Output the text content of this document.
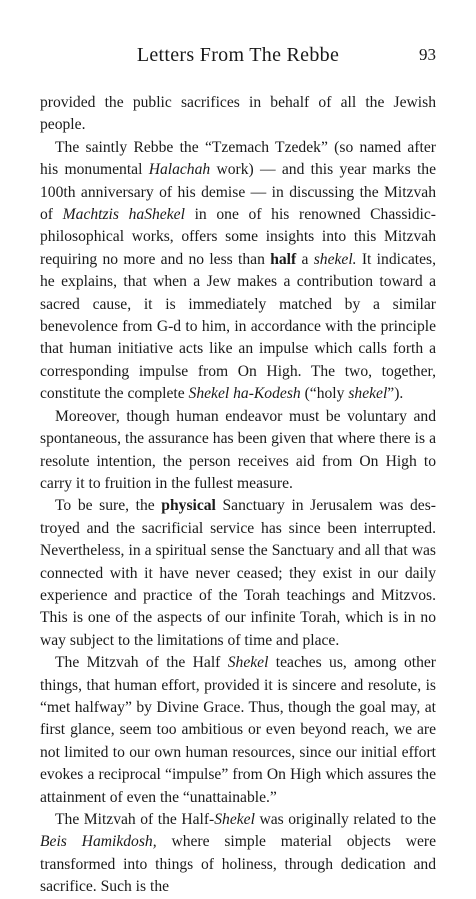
Letters From The Rebbe	93

provided the public sacrifices in behalf of all the Jewish people.

The saintly Rebbe the “Tzemach Tzedek” (so named after his monumental Halachah work) — and this year marks the 100th anniversary of his demise — in discussing the Mitzvah of Machtzis haShekel in one of his renowned Chassidic-philosophical works, offers some insights into this Mitzvah requiring no more and no less than half a shekel. It indicates, he explains, that when a Jew makes a contribution toward a sacred cause, it is immediately matched by a similar benevolence from G-d to him, in accordance with the principle that human initiative acts like an impulse which calls forth a corresponding impulse from On High. The two, together, constitute the complete Shekel ha-Kodesh (“holy shekel”).

Moreover, though human endeavor must be voluntary and spontaneous, the assurance has been given that where there is a resolute intention, the person receives aid from On High to carry it to fruition in the fullest measure.

To be sure, the physical Sanctuary in Jerusalem was destroyed and the sacrificial service has since been interrupted. Nevertheless, in a spiritual sense the Sanctuary and all that was connected with it have never ceased; they exist in our daily experience and practice of the Torah teachings and Mitzvos. This is one of the aspects of our infinite Torah, which is in no way subject to the limitations of time and place.

The Mitzvah of the Half Shekel teaches us, among other things, that human effort, provided it is sincere and resolute, is “met halfway” by Divine Grace. Thus, though the goal may, at first glance, seem too ambitious or even beyond reach, we are not limited to our own human resources, since our initial effort evokes a reciprocal “impulse” from On High which assures the attainment of even the “unattainable.”

The Mitzvah of the Half-Shekel was originally related to the Beis Hamikdosh, where simple material objects were transformed into things of holiness, through dedication and sacrifice. Such is the
